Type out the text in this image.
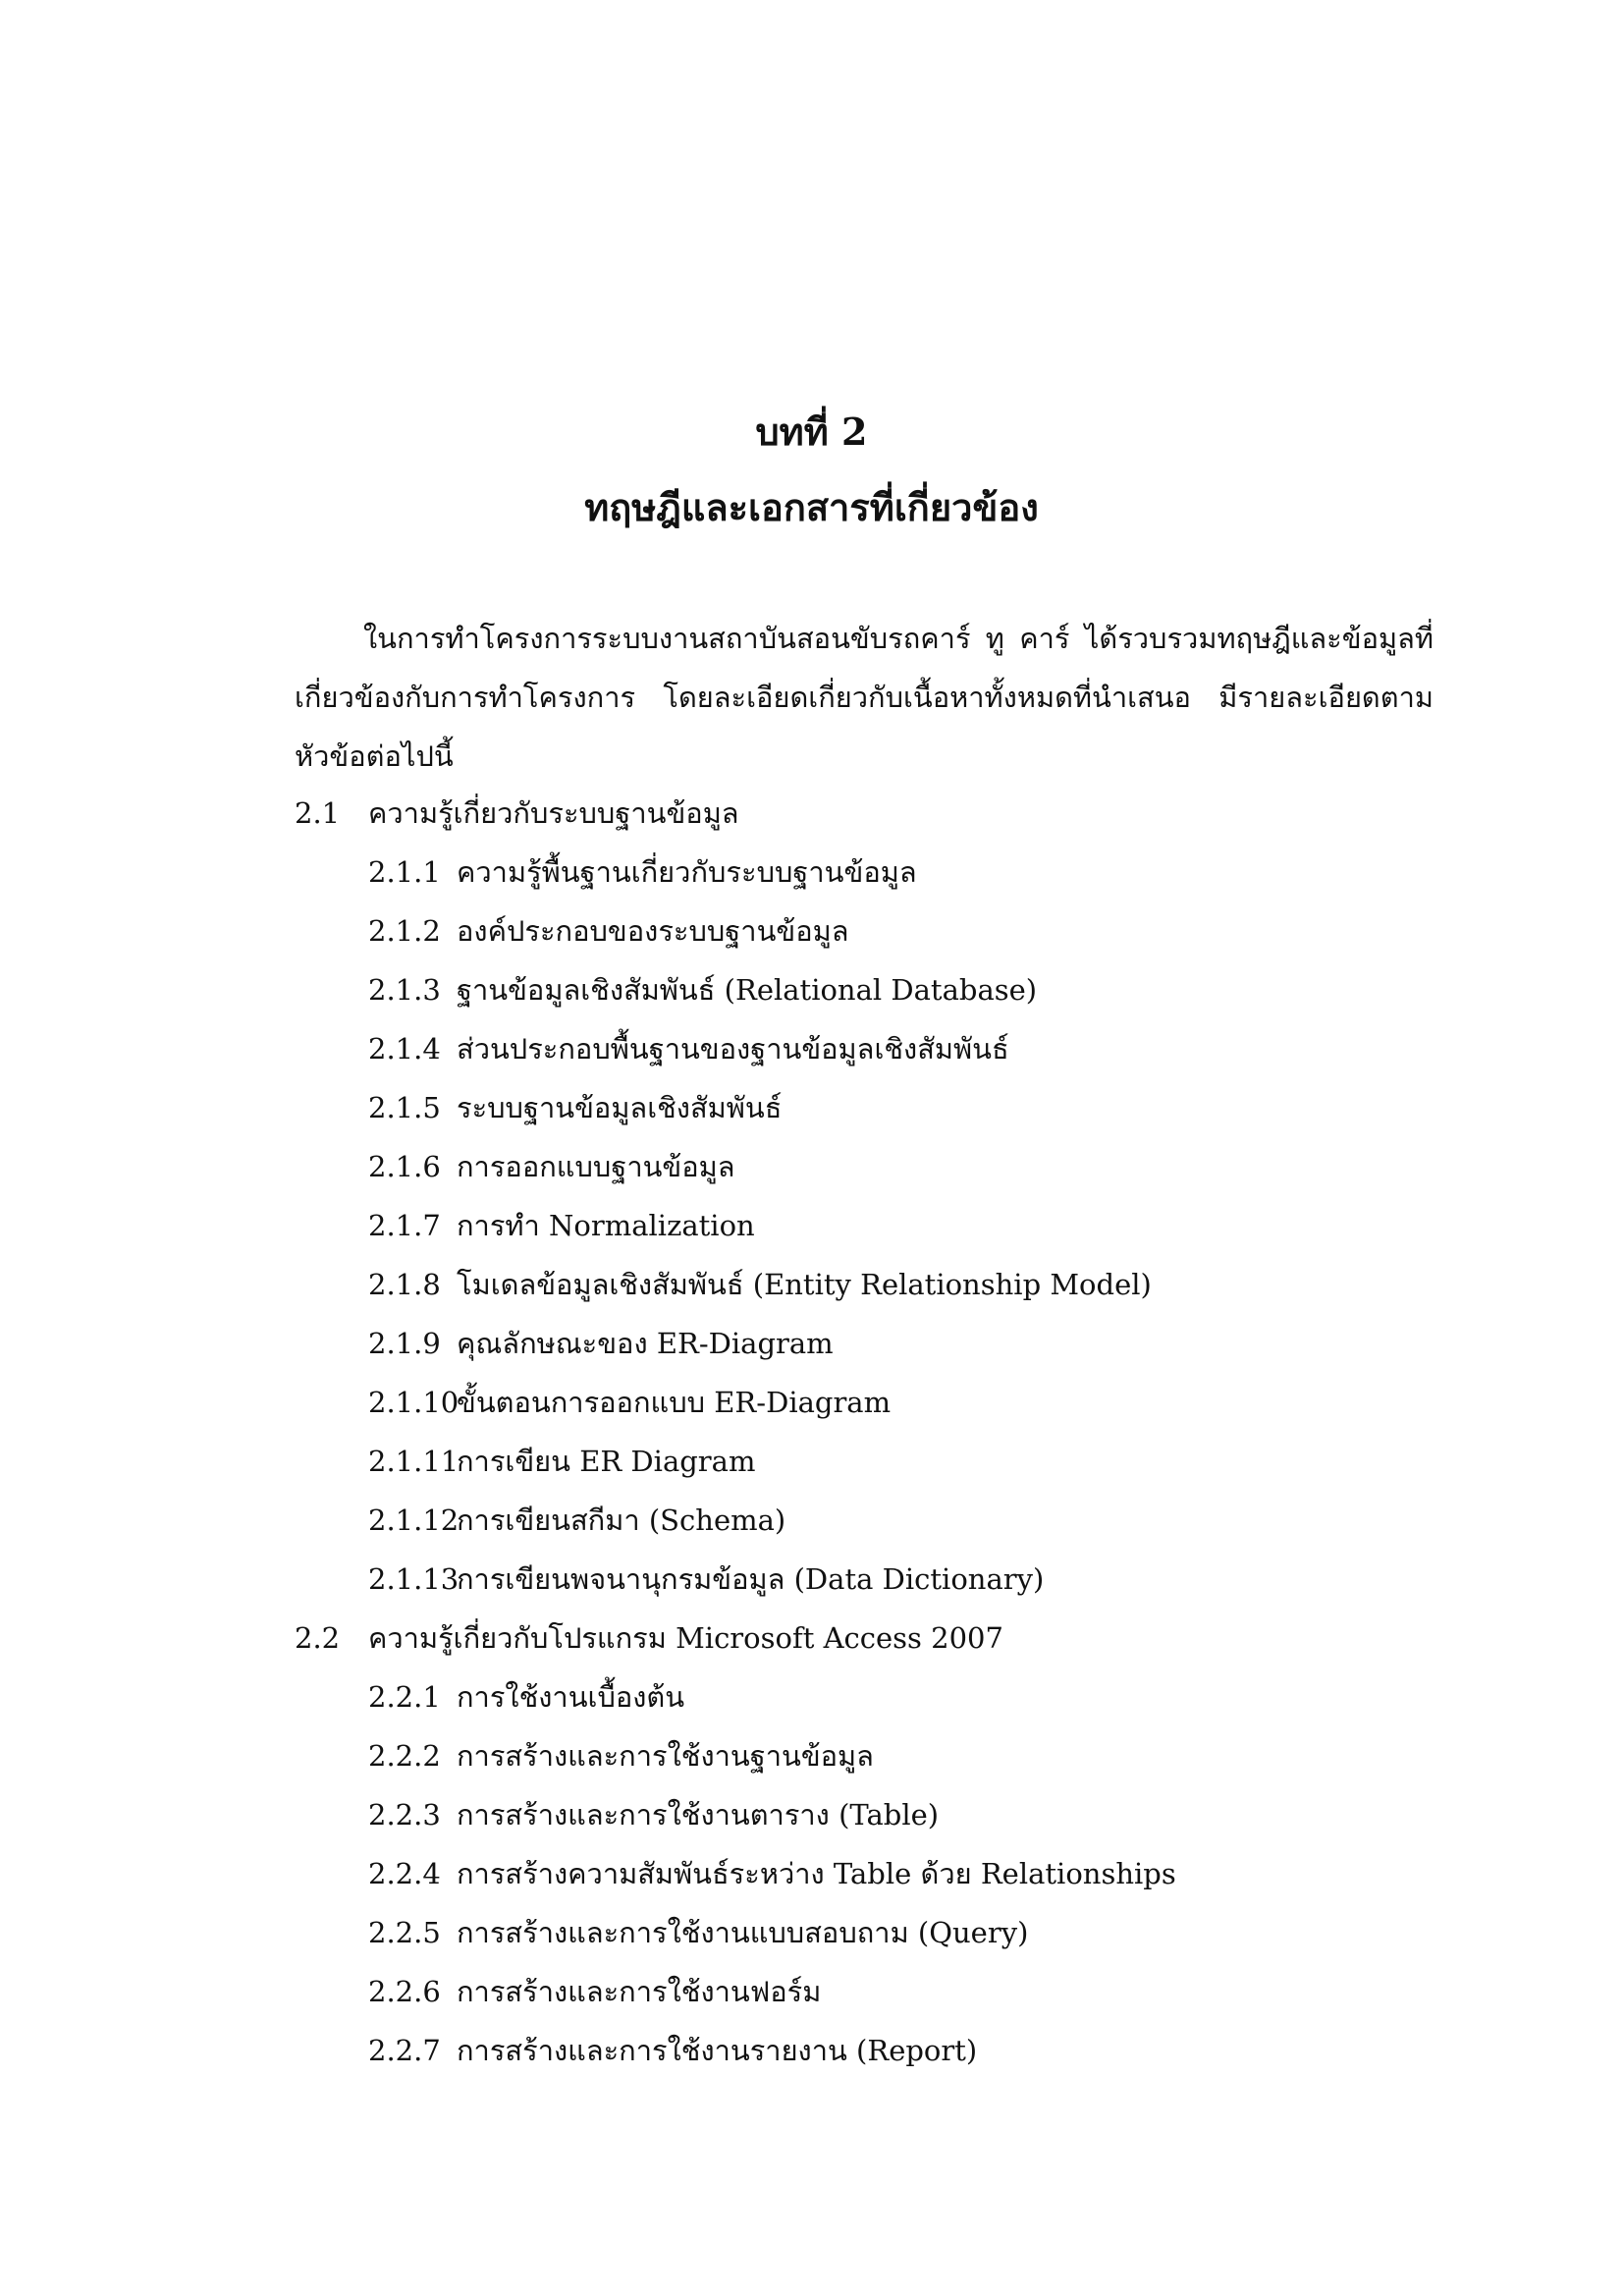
บทที่ 2
ทฤษฎีและเอกสารที่เกี่ยวข้อง

ในการทำโครงการระบบงานสถาบันสอนขับรถคาร์ ทู คาร์ ได้รวบรวมทฤษฎีและข้อมูลที่เกี่ยวข้องกับการทำโครงการ โดยละเอียดเกี่ยวกับเนื้อหาทั้งหมดที่นำเสนอ มีรายละเอียดตามหัวข้อต่อไปนี้

2.1 ความรู้เกี่ยวกับระบบฐานข้อมูล
2.1.1 ความรู้พื้นฐานเกี่ยวกับระบบฐานข้อมูล
2.1.2 องค์ประกอบของระบบฐานข้อมูล
2.1.3 ฐานข้อมูลเชิงสัมพันธ์ (Relational Database)
2.1.4 ส่วนประกอบพื้นฐานของฐานข้อมูลเชิงสัมพันธ์
2.1.5 ระบบฐานข้อมูลเชิงสัมพันธ์
2.1.6 การออกแบบฐานข้อมูล
2.1.7 การทำ Normalization
2.1.8 โมเดลข้อมูลเชิงสัมพันธ์ (Entity Relationship Model)
2.1.9 คุณลักษณะของ ER-Diagram
2.1.10ขั้นตอนการออกแบบ ER-Diagram
2.1.11การเขียน ER Diagram
2.1.12การเขียนสกีมา (Schema)
2.1.13การเขียนพจนานุกรมข้อมูล (Data Dictionary)
2.2 ความรู้เกี่ยวกับโปรแกรม Microsoft Access 2007
2.2.1 การใช้งานเบื้องต้น
2.2.2 การสร้างและการใช้งานฐานข้อมูล
2.2.3 การสร้างและการใช้งานตาราง (Table)
2.2.4 การสร้างความสัมพันธ์ระหว่าง Table ด้วย Relationships
2.2.5 การสร้างและการใช้งานแบบสอบถาม (Query)
2.2.6 การสร้างและการใช้งานฟอร์ม
2.2.7 การสร้างและการใช้งานรายงาน (Report)
